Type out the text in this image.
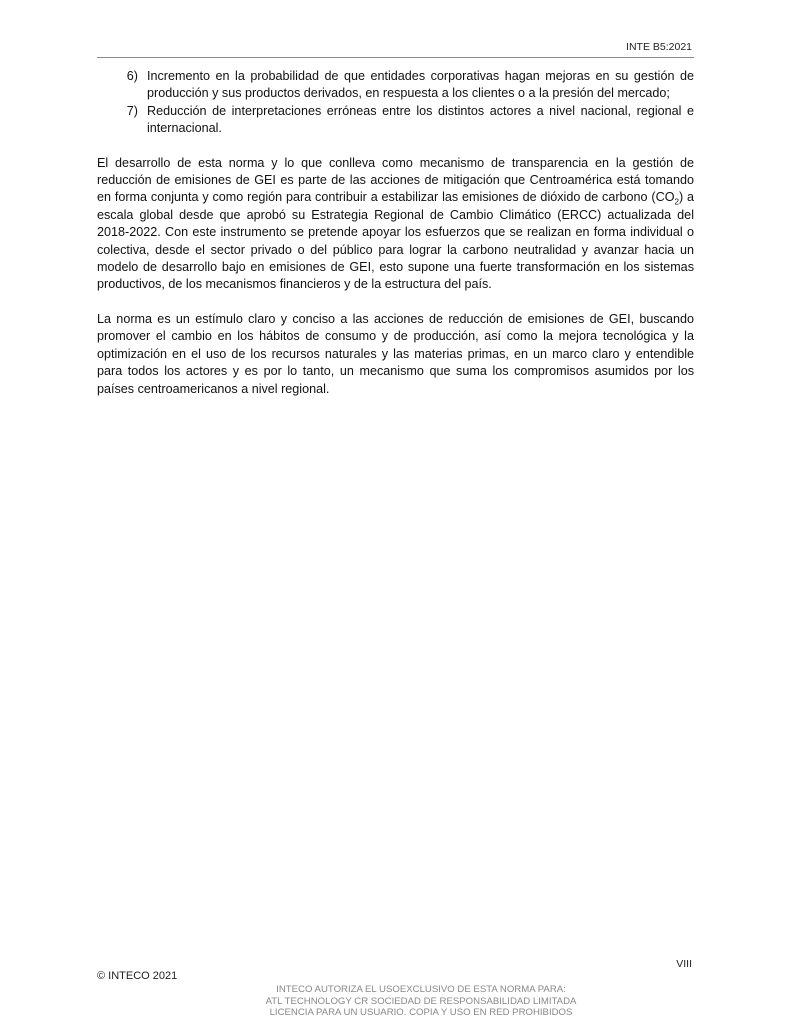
INTE B5:2021
6) Incremento en la probabilidad de que entidades corporativas hagan mejoras en su gestión de producción y sus productos derivados, en respuesta a los clientes o a la presión del mercado;
7) Reducción de interpretaciones erróneas entre los distintos actores a nivel nacional, regional e internacional.

El desarrollo de esta norma y lo que conlleva como mecanismo de transparencia en la gestión de reducción de emisiones de GEI es parte de las acciones de mitigación que Centroamérica está tomando en forma conjunta y como región para contribuir a estabilizar las emisiones de dióxido de carbono $(CO_2)$ a escala global desde que aprobó su Estrategia Regional de Cambio Climático (ERCC) actualizada del 2018-2022. Con este instrumento se pretende apoyar los esfuerzos que se realizan en forma individual o colectiva, desde el sector privado o del público para lograr la carbono neutralidad y avanzar hacia un modelo de desarrollo bajo en emisiones de GEI, esto supone una fuerte transformación en los sistemas productivos, de los mecanismos financieros y de la estructura del país.

La norma es un estímulo claro y conciso a las acciones de reducción de emisiones de GEI, buscando promover el cambio en los hábitos de consumo y de producción, así como la mejora tecnológica y la optimización en el uso de los recursos naturales y las materias primas, en un marco claro y entendible para todos los actores y es por lo tanto, un mecanismo que suma los compromisos asumidos por los países centroamericanos a nivel regional.

VIII
© INTECO 2021
INTECO AUTORIZA EL USOEXCLUSIVO DE ESTA NORMA PARA:
ATL TECHNOLOGY CR SOCIEDAD DE RESPONSABILIDAD LIMITADA
LICENCIA PARA UN USUARIO. COPIA Y USO EN RED PROHIBIDOS
